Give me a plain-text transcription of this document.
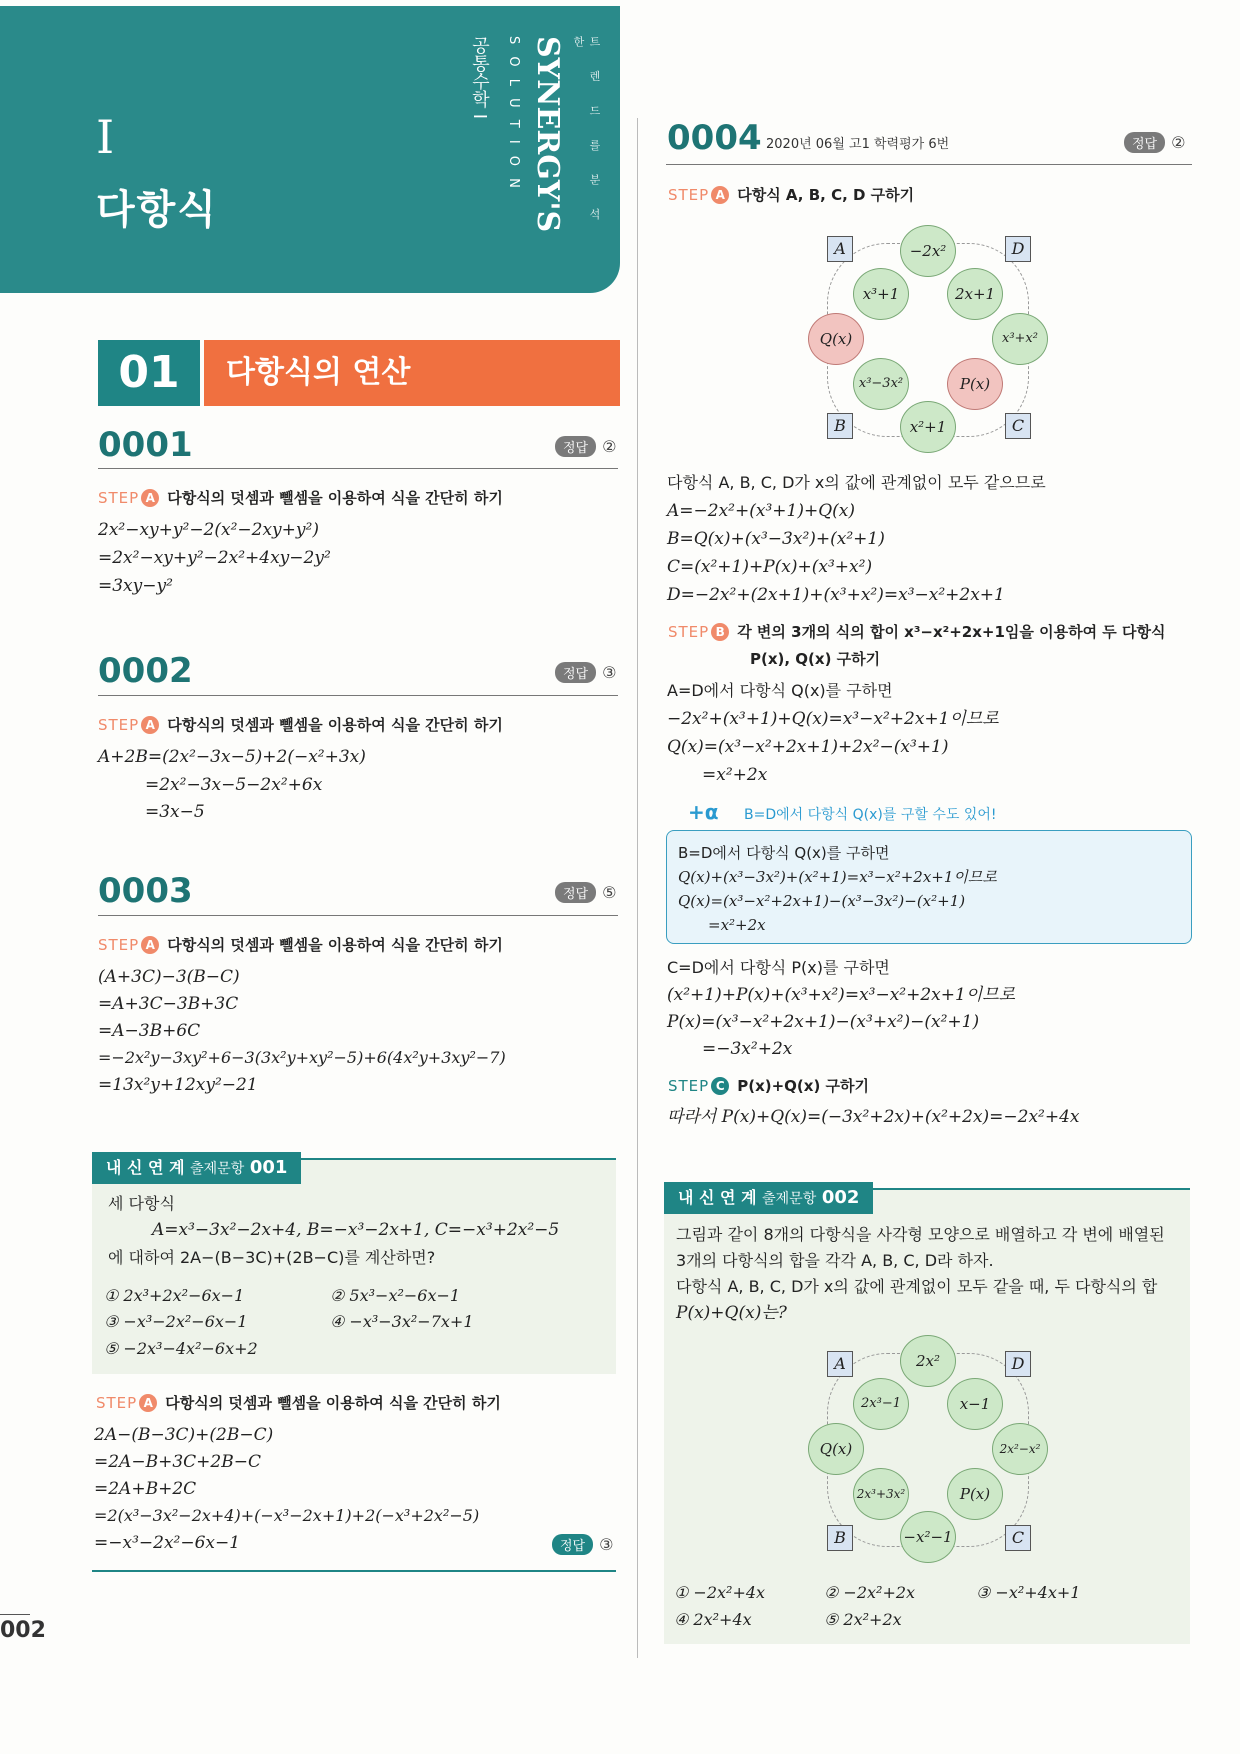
I
다항식	트 렌 드 를 분 석 한
SYNERGY'S
S O L U T I O N
공통수학 I
01	다항식의 연산
0001	정답 ②
STEP A 다항식의 덧셈과 뺄셈을 이용하여 식을 간단히 하기
2x²−xy+y²−2(x²−2xy+y²)
=2x²−xy+y²−2x²+4xy−2y²
=3xy−y²
0002	정답 ③
STEP A 다항식의 덧셈과 뺄셈을 이용하여 식을 간단히 하기
A+2B=(2x²−3x−5)+2(−x²+3x)
=2x²−3x−5−2x²+6x
=3x−5
0003	정답 ⑤
STEP A 다항식의 덧셈과 뺄셈을 이용하여 식을 간단히 하기
(A+3C)−3(B−C)
=A+3C−3B+3C
=A−3B+6C
=−2x²y−3xy²+6−3(3x²y+xy²−5)+6(4x²y+3xy²−7)
=13x²y+12xy²−21
내 신 연 계 출제문항 001
세 다항식
A=x³−3x²−2x+4, B=−x³−2x+1, C=−x³+2x²−5
에 대하여 2A−(B−3C)+(2B−C)를 계산하면?
① 2x³+2x²−6x−1	② 5x³−x²−6x−1
③ −x³−2x²−6x−1	④ −x³−3x²−7x+1
⑤ −2x³−4x²−6x+2
STEP A 다항식의 덧셈과 뺄셈을 이용하여 식을 간단히 하기
2A−(B−3C)+(2B−C)
=2A−B+3C+2B−C
=2A+B+2C
=2(x³−3x²−2x+4)+(−x³−2x+1)+2(−x³+2x²−5)
=−x³−2x²−6x−1	정답 ③
002
0004 2020년 06월 고1 학력평가 6번	정답 ②
STEP A 다항식 A, B, C, D 구하기
A	D
B	C
−2x²
x³+1	2x+1
Q(x)	x³+x²
x³−3x²	P(x)
x²+1
다항식 A, B, C, D가 x의 값에 관계없이 모두 같으므로
A=−2x²+(x³+1)+Q(x)
B=Q(x)+(x³−3x²)+(x²+1)
C=(x²+1)+P(x)+(x³+x²)
D=−2x²+(2x+1)+(x³+x²)=x³−x²+2x+1
STEP B 각 변의 3개의 식의 합이 x³−x²+2x+1임을 이용하여 두 다항식
P(x), Q(x) 구하기
A=D에서 다항식 Q(x)를 구하면
−2x²+(x³+1)+Q(x)=x³−x²+2x+1이므로
Q(x)=(x³−x²+2x+1)+2x²−(x³+1)
=x²+2x
+α B=D에서 다항식 Q(x)를 구할 수도 있어!
B=D에서 다항식 Q(x)를 구하면
Q(x)+(x³−3x²)+(x²+1)=x³−x²+2x+1이므로
Q(x)=(x³−x²+2x+1)−(x³−3x²)−(x²+1)
=x²+2x
C=D에서 다항식 P(x)를 구하면
(x²+1)+P(x)+(x³+x²)=x³−x²+2x+1이므로
P(x)=(x³−x²+2x+1)−(x³+x²)−(x²+1)
=−3x²+2x
STEP C P(x)+Q(x) 구하기
따라서 P(x)+Q(x)=(−3x²+2x)+(x²+2x)=−2x²+4x
내 신 연 계 출제문항 002
그림과 같이 8개의 다항식을 사각형 모양으로 배열하고 각 변에 배열된
3개의 다항식의 합을 각각 A, B, C, D라 하자.
다항식 A, B, C, D가 x의 값에 관계없이 모두 같을 때, 두 다항식의 합
P(x)+Q(x)는?
A	D
B	C
2x²
2x³−1	x−1
Q(x)	2x²−x²
2x³+3x²	P(x)
−x²−1
① −2x²+4x	② −2x²+2x	③ −x²+4x+1
④ 2x²+4x	⑤ 2x²+2x
